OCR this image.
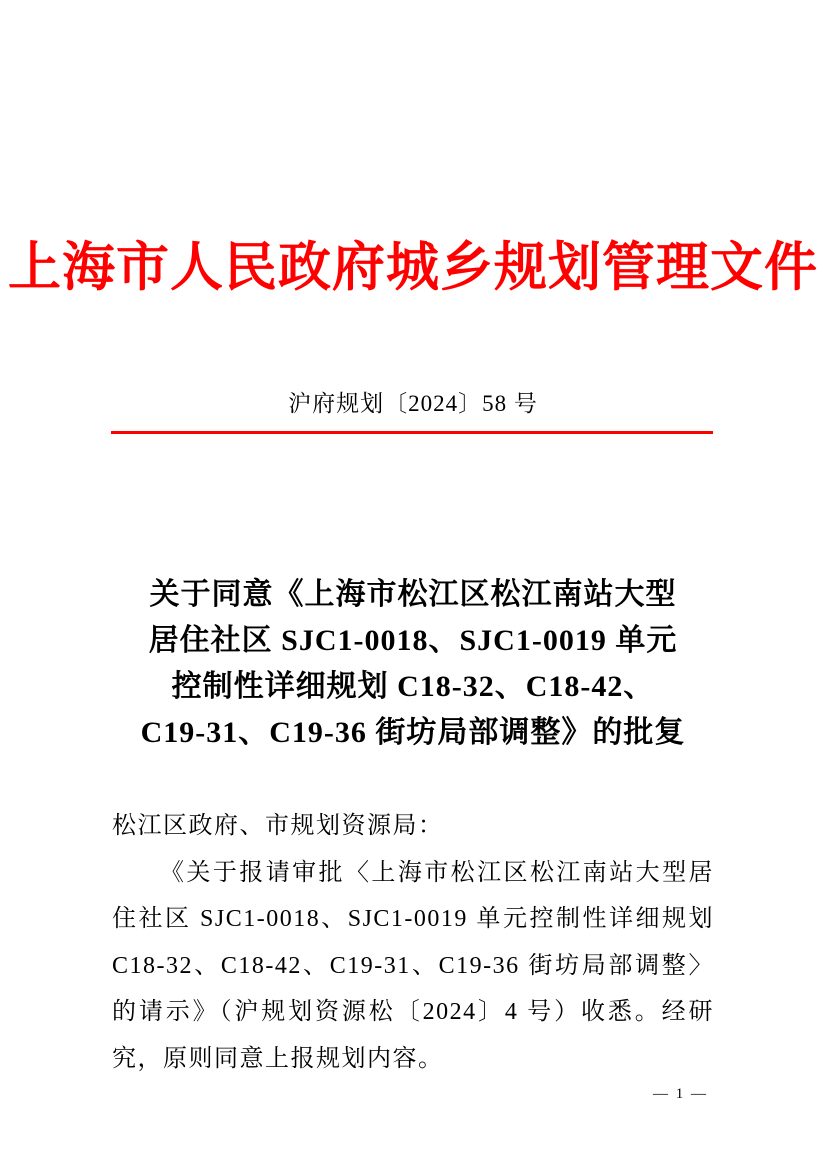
上海市人民政府城乡规划管理文件
沪府规划〔2024〕58 号
关于同意《上海市松江区松江南站大型
居住社区 SJC1-0018、SJC1-0019 单元
控制性详细规划 C18-32、C18-42、
C19-31、C19-36 街坊局部调整》的批复

松江区政府、市规划资源局：

《关于报请审批〈上海市松江区松江南站大型居住社区 SJC1-0018、SJC1-0019 单元控制性详细规划 C18-32、C18-42、C19-31、C19-36 街坊局部调整〉的请示》（沪规划资源松〔2024〕4 号）收悉。经研究，原则同意上报规划内容。

— 1 —
